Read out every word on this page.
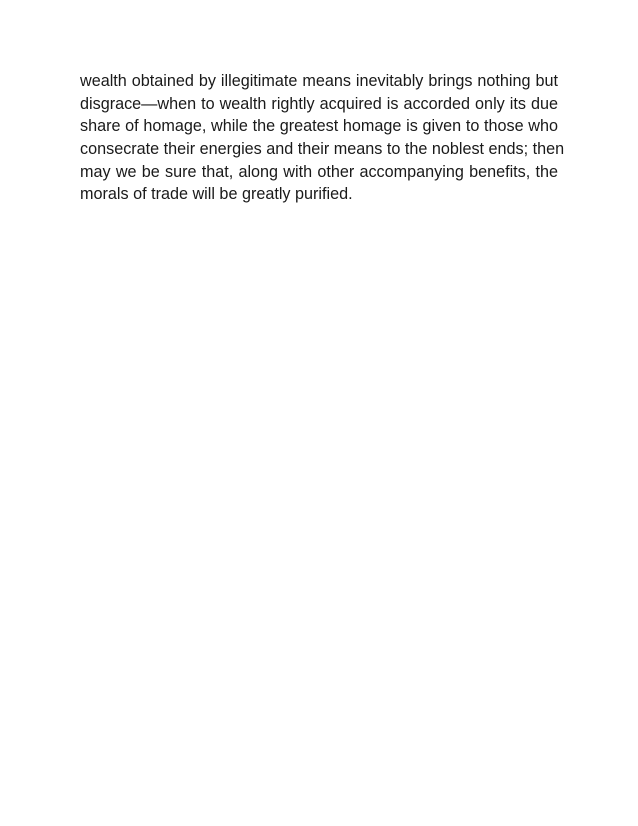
wealth obtained by illegitimate means inevitably brings nothing but
disgrace—when to wealth rightly acquired is accorded only its due
share of homage, while the greatest homage is given to those who
consecrate their energies and their means to the noblest ends; then
may we be sure that, along with other accompanying benefits, the
morals of trade will be greatly purified.
